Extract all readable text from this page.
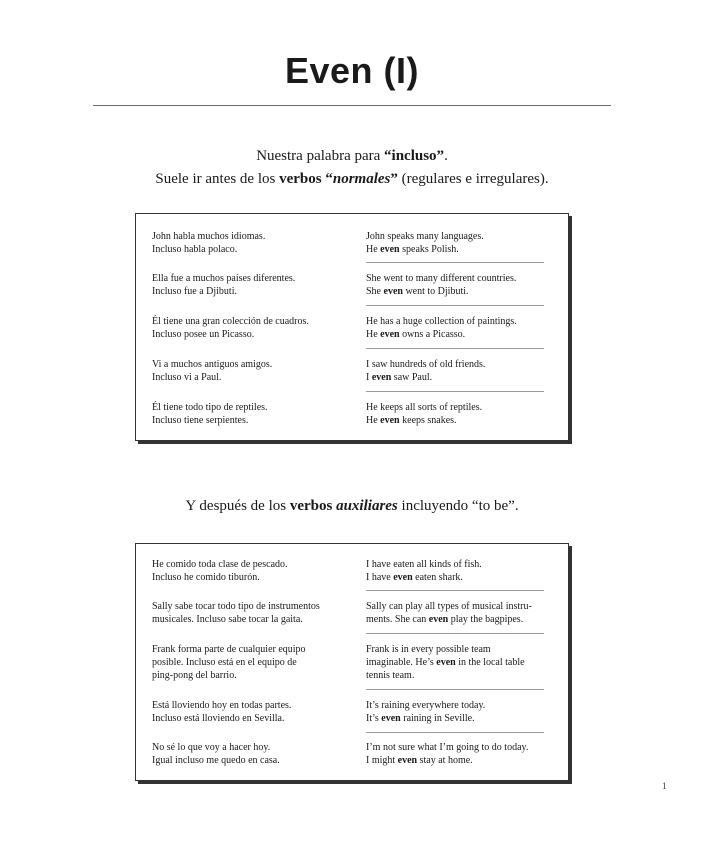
Even (I)
Nuestra palabra para “incluso”.
Suele ir antes de los verbos “normales” (regulares e irregulares).
John habla muchos idiomas.
Incluso habla polaco.
John speaks many languages.
He even speaks Polish.
Ella fue a muchos países diferentes.
Incluso fue a Djibuti.
She went to many different countries.
She even went to Djibuti.
Él tiene una gran colección de cuadros.
Incluso posee un Picasso.
He has a huge collection of paintings.
He even owns a Picasso.
Vi a muchos antiguos amigos.
Incluso vi a Paul.
I saw hundreds of old friends.
I even saw Paul.
Él tiene todo tipo de reptiles.
Incluso tiene serpientes.
He keeps all sorts of reptiles.
He even keeps snakes.
Y después de los verbos auxiliares incluyendo “to be”.
He comido toda clase de pescado.
Incluso he comido tiburón.
I have eaten all kinds of fish.
I have even eaten shark.
Sally sabe tocar todo tipo de instrumentos
musicales. Incluso sabe tocar la gaita.
Sally can play all types of musical instru-
ments. She can even play the bagpipes.
Frank forma parte de cualquier equipo
posible. Incluso está en el equipo de
ping-pong del barrio.
Frank is in every possible team
imaginable. He’s even in the local table
tennis team.
Está lloviendo hoy en todas partes.
Incluso está lloviendo en Sevilla.
It’s raining everywhere today.
It’s even raining in Seville.
No sé lo que voy a hacer hoy.
Igual incluso me quedo en casa.
I’m not sure what I’m going to do today.
I might even stay at home.
1
